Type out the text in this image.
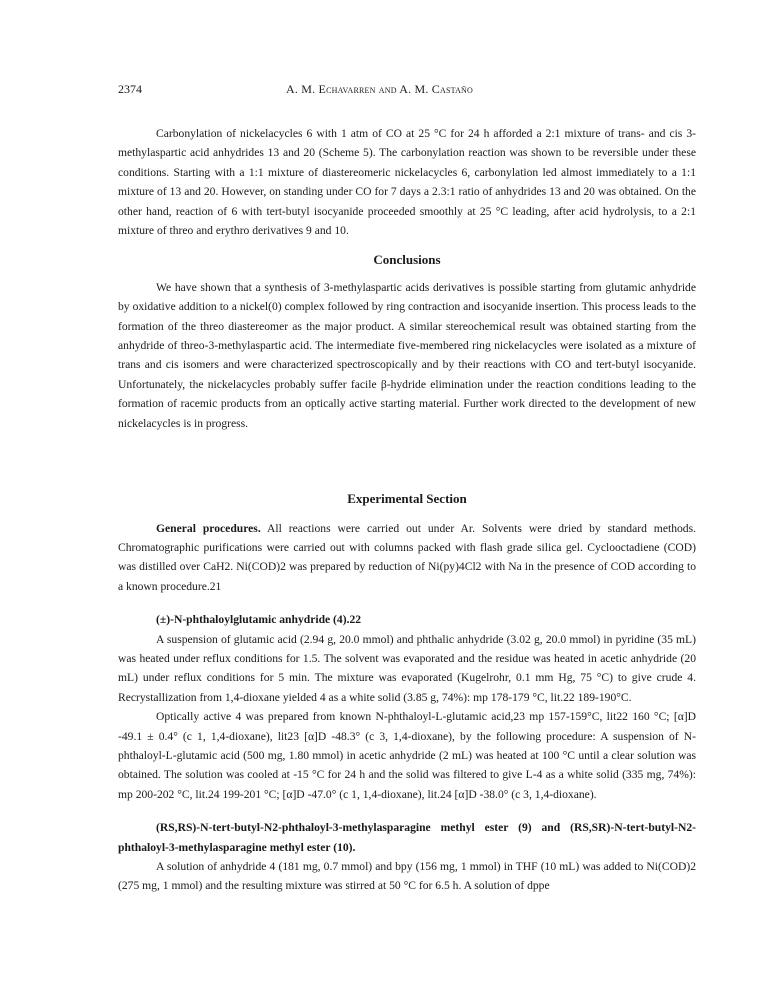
2374	A. M. Echavarren and A. M. Castaño

Carbonylation of nickelacycles 6 with 1 atm of CO at 25 °C for 24 h afforded a 2:1 mixture of trans- and cis 3-methylaspartic acid anhydrides 13 and 20 (Scheme 5). The carbonylation reaction was shown to be reversible under these conditions. Starting with a 1:1 mixture of diastereomeric nickelacycles 6, carbonylation led almost immediately to a 1:1 mixture of 13 and 20. However, on standing under CO for 7 days a 2.3:1 ratio of anhydrides 13 and 20 was obtained. On the other hand, reaction of 6 with tert-butyl isocyanide proceeded smoothly at 25 °C leading, after acid hydrolysis, to a 2:1 mixture of threo and erythro derivatives 9 and 10.

Conclusions

We have shown that a synthesis of 3-methylaspartic acids derivatives is possible starting from glutamic anhydride by oxidative addition to a nickel(0) complex followed by ring contraction and isocyanide insertion. This process leads to the formation of the threo diastereomer as the major product. A similar stereochemical result was obtained starting from the anhydride of threo-3-methylaspartic acid. The intermediate five-membered ring nickelacycles were isolated as a mixture of trans and cis isomers and were characterized spectroscopically and by their reactions with CO and tert-butyl isocyanide. Unfortunately, the nickelacycles probably suffer facile β-hydride elimination under the reaction conditions leading to the formation of racemic products from an optically active starting material. Further work directed to the development of new nickelacycles is in progress.

Experimental Section

General procedures. All reactions were carried out under Ar. Solvents were dried by standard methods. Chromatographic purifications were carried out with columns packed with flash grade silica gel. Cyclooctadiene (COD) was distilled over CaH2. Ni(COD)2 was prepared by reduction of Ni(py)4Cl2 with Na in the presence of COD according to a known procedure.21

(±)-N-phthaloylglutamic anhydride (4).22

A suspension of glutamic acid (2.94 g, 20.0 mmol) and phthalic anhydride (3.02 g, 20.0 mmol) in pyridine (35 mL) was heated under reflux conditions for 1.5. The solvent was evaporated and the residue was heated in acetic anhydride (20 mL) under reflux conditions for 5 min. The mixture was evaporated (Kugelrohr, 0.1 mm Hg, 75 °C) to give crude 4. Recrystallization from 1,4-dioxane yielded 4 as a white solid (3.85 g, 74%): mp 178-179 °C, lit.22 189-190°C.

Optically active 4 was prepared from known N-phthaloyl-L-glutamic acid,23 mp 157-159°C, lit22 160 °C; [α]D -49.1 ± 0.4° (c 1, 1,4-dioxane), lit23 [α]D -48.3° (c 3, 1,4-dioxane), by the following procedure: A suspension of N-phthaloyl-L-glutamic acid (500 mg, 1.80 mmol) in acetic anhydride (2 mL) was heated at 100 °C until a clear solution was obtained. The solution was cooled at -15 °C for 24 h and the solid was filtered to give L-4 as a white solid (335 mg, 74%): mp 200-202 °C, lit.24 199-201 °C; [α]D -47.0° (c 1, 1,4-dioxane), lit.24 [α]D -38.0° (c 3, 1,4-dioxane).

(RS,RS)-N-tert-butyl-N2-phthaloyl-3-methylasparagine methyl ester (9) and (RS,SR)-N-tert-butyl-N2-phthaloyl-3-methylasparagine methyl ester (10).

A solution of anhydride 4 (181 mg, 0.7 mmol) and bpy (156 mg, 1 mmol) in THF (10 mL) was added to Ni(COD)2 (275 mg, 1 mmol) and the resulting mixture was stirred at 50 °C for 6.5 h. A solution of dppe
